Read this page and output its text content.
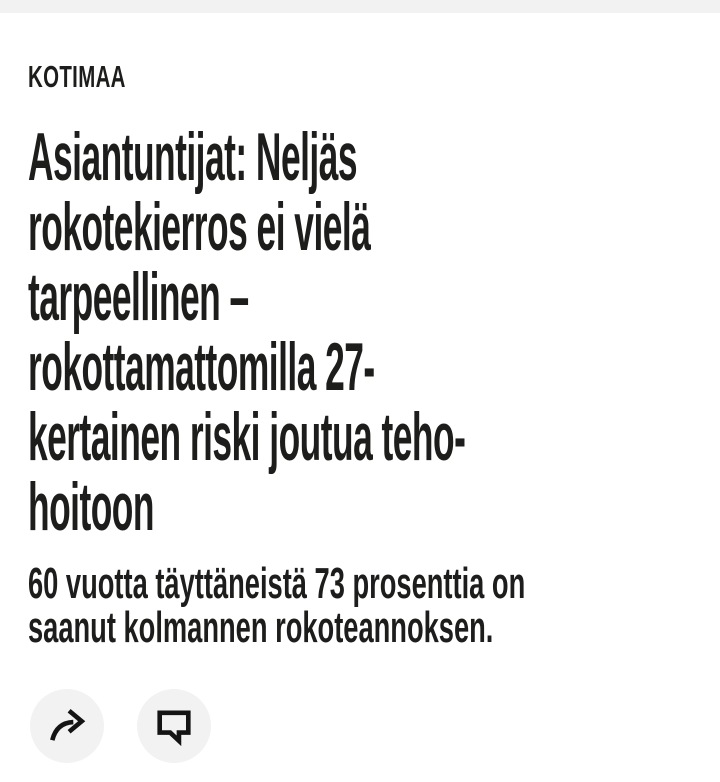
KOTIMAA
Asiantuntijat: Neljäs
rokotekierros ei vielä
tarpeellinen –
rokottamattomilla 27-
kertainen riski joutua teho-
hoitoon

60 vuotta täyttäneistä 73 prosenttia on
saanut kolmannen rokoteannoksen.
